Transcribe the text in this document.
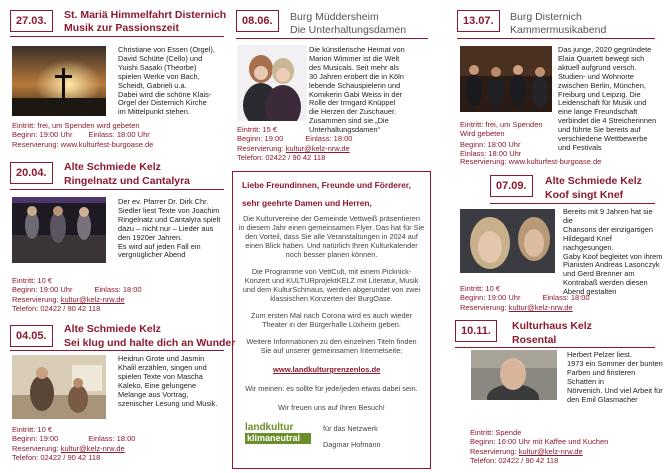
27.03.	St. Mariä Himmelfahrt Disternich
Musik zur Passionszeit
Christiane von Essen (Orgel),
David Schütte (Cello) und
Yuishi Sasaki (Theorbe)
spielen Werke von Bach,
Scheidt, Gabrieli u.a.
Dabei wird die schöne Klais-
Orgel der Disternich Kirche
im Mittelpunkt stehen.
Eintritt: frei, um Spenden wird gebeten
Beginn: 19:00 Uhr Einlass: 18:00 Uhr
Reservierung: www.kulturfest-burgoase.de
20.04.	Alte Schmiede Kelz
Ringelnatz und Cantalyra
Der ev. Pfarrer Dr. Dirk Chr.
Siedler liest Texte von Joachim
Ringelnatz und Cantalyra spielt
dazu – nicht nur – Lieder aus
den 1920er Jahren.
Es wird auf jeden Fall ein
vergnüglicher Abend
Eintritt: 10 €
Beginn: 19:00 Uhr	Einlass: 18:00
Reservierung: kultur@kelz-nrw.de
Telefon: 02422 / 90 42 118
04.05.
Alte Schmiede Kelz
Sei klug und halte dich an Wunder
Heidrun Grote und Jasmin
Khalil erzählen, singen und
spielen Texte von Mascha
Kaleko. Eine gelungene
Melange aus Vortrag,
szenischer Lesung und Musik.
Eintritt: 10 €
Beginn: 19:00	Einlass: 18:00
Reservierung: kultur@kelz-nrw.de
Telefon: 02422 / 90 42 118
08.06.	Burg Müddersheim
Die Unterhaltungsdamen
Die künstlerische Heimat von
Marion Wimmer ist die Welt
des Musicals. Seit mehr als
30 Jahren erobert die in Köln
lebende Schauspielerin und
Komikerin Gabi Weiss in der
Rolle der Irmgard Knüppel
die Herzen der Zuschauer.
Zusammen sind sie „Die
Unterhaltungsdamen“
Eintritt: 15 €
Beginn: 19:00	Einlass: 18:00
Reservierung: kultur@kelz-nrw.de
Telefon: 02422 / 90 42 118
Liebe Freundinnen, Freunde und Förderer,
sehr geehrte Damen und Herren,
Die Kulturvereine der Gemeinde Vettweiß präsentieren
in diesem Jahr einen gemeinsamen Flyer. Das hat für Sie
den Vorteil, dass Sie alle Veranstaltungen in 2024 auf
einen Blick haben. Und natürlich Ihren Kulturkalender
noch besser planen können.
Die Programme von VettCult, mit einem Picknick-
Konzert und KULTURprojektKELZ mit Literatur, Musik
und dem KulturSchmaus, werden abgerundet von zwei
klassischen Konzerten der BurgOase.
Zum ersten Mal nach Corona wird es auch wieder
Theater in der Bürgerhalle Lüxheim geben.
Weitere Informationen zu den einzelnen Titeln finden
Sie auf unserer gemeinsamen Internetseite:
www.landkulturgrenzenlos.de
Wir meinen: es sollte für jede/jeden etwas dabei sein.
Wir freuen uns auf Ihren Besuch!
landkultur
klimaneutral
für das Netzwerk
Dagmar Hofmann
13.07.	Burg Disternich
Kammermusikabend
Das junge, 2020 gegründete
Elaia Quartett bewegt sich
aktuell aufgrund versch.
Studien- und Wohnorte
zwischen Berlin, München,
Freiburg und Leipzig. Die
Leidenschaft für Musik und
eine lange Freundschaft
verbindet die 4 Streicherinnen
und führte Sie bereits auf
verschiedene Wettbewerbe
und Festivals
Eintritt: frei, um Spenden
Wird gebeten
Beginn: 18:00 Uhr
Einlass: 18:00 Uhr
Reservierung: www.kulturfest-burgoase.de
07.09.	Alte Schmiede Kelz
Koof singt Knef
Bereits mit 9 Jahren hat sie die
Chansons der einzigartigen
Hildegard Knef nachgesungen.
Gaby Koof begleitet von ihrem
Pianisten Andreas Lasonczyk
und Gerd Brenner am
Kontrabaß werden diesen
Abend gestalten
Eintritt: 10 €
Beginn: 19:00 Uhr	Einlass: 18:00
Reservierung: kultur@kelz-nrw.de
10.11.	Kulturhaus Kelz
Rosental
Herbert Pelzer liest.
1973 ein Sommer der bunten
Farben und finsteren Schatten in
Nörvenich. Und viel Arbeit für
den Emil Glasmacher
Eintritt: Spende
Beginn: 16:00 Uhr mit Kaffee und Kuchen
Reservierung: kultur@kelz-nrw.de
Telefon: 02422 / 90 42 118
